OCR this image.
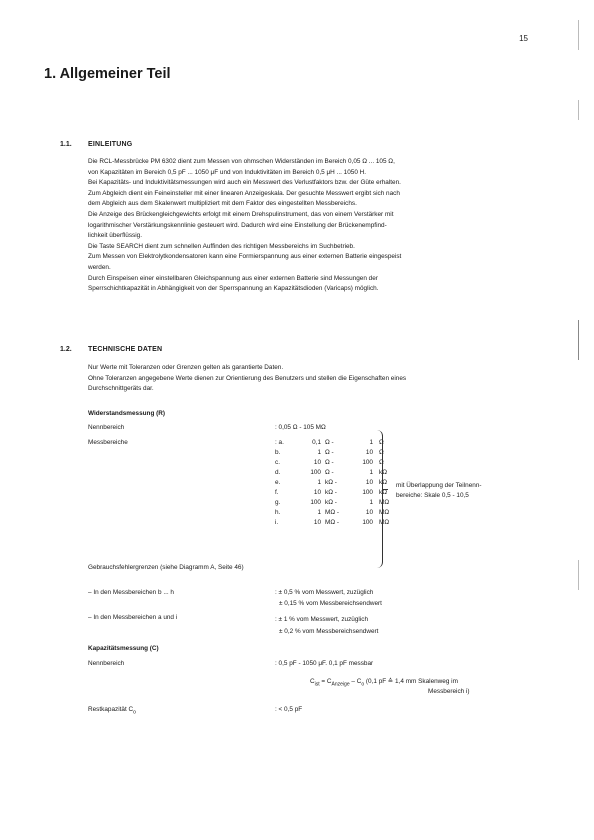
15
1. Allgemeiner Teil
1.1. EINLEITUNG
Die RCL-Messbrücke PM 6302 dient zum Messen von ohmschen Widerständen im Bereich 0,05 Ω ... 105 Ω,
von Kapazitäten im Bereich 0,5 pF ... 1050 μF und von Induktivitäten im Bereich 0,5 μH ... 1050 H.
Bei Kapazitäts- und Induktivitätsmessungen wird auch ein Messwert des Verlustfaktors bzw. der Güte erhalten.
Zum Abgleich dient ein Feineinsteller mit einer linearen Anzeigeskala. Der gesuchte Messwert ergibt sich nach
dem Abgleich aus dem Skalenwert multipliziert mit dem Faktor des eingestellten Messbereichs.
Die Anzeige des Brückengleichgewichts erfolgt mit einem Drehspulinstrument, das von einem Verstärker mit
logarithmischer Verstärkungskennlinie gesteuert wird. Dadurch wird eine Einstellung der Brückenempfind-
lichkeit überflüssig.
Die Taste SEARCH dient zum schnellen Auffinden des richtigen Messbereichs im Suchbetrieb.
Zum Messen von Elektrolytkondensatoren kann eine Formierspannung aus einer externen Batterie eingespeist
werden.
Durch Einspeisen einer einstellbaren Gleichspannung aus einer externen Batterie sind Messungen der
Sperrschichtkapazität in Abhängigkeit von der Sperrspannung an Kapazitätsdioden (Varicaps) möglich.
1.2. TECHNISCHE DATEN
Nur Werte mit Toleranzen oder Grenzen gelten als garantierte Daten.
Ohne Toleranzen angegebene Werte dienen zur Orientierung des Benutzers und stellen die Eigenschaften eines
Durchschnittgeräts dar.
Widerstandsmessung (R)
Nennbereich	: 0,05 Ω - 105 MΩ
Messbereiche	: a.	0,1 Ω -	1 Ω
b.	1 Ω -	10 Ω
c.	10 Ω -	100 Ω
d.	100 Ω -	1 kΩ
e.	1 kΩ -	10 kΩ
f.	10 kΩ -	100 kΩ
g.	100 kΩ -	1 MΩ
h.	1 MΩ -	10 MΩ
i.	10 MΩ -	100 MΩ
mit Überlappung der Teilnenn-
bereiche: Skale 0,5 - 10,5
Gebrauchsfehlergrenzen (siehe Diagramm A, Seite 46)
– In den Messbereichen b ... h	: ± 0,5 % vom Messwert, zuzüglich
± 0,15 % vom Messbereichsendwert
– In den Messbereichen a und i	: ± 1 % vom Messwert, zuzüglich
± 0,2 % vom Messbereichsendwert
Kapazitätsmessung (C)
Nennbereich	: 0,5 pF - 1050 μF. 0,1 pF messbar
$C_{ist} = C_{Anzeige} - C_o$ (0,1 pF ≙ 1,4 mm Skalenweg im
Messbereich i)
Restkapazität $C_o$	: < 0,5 pF
